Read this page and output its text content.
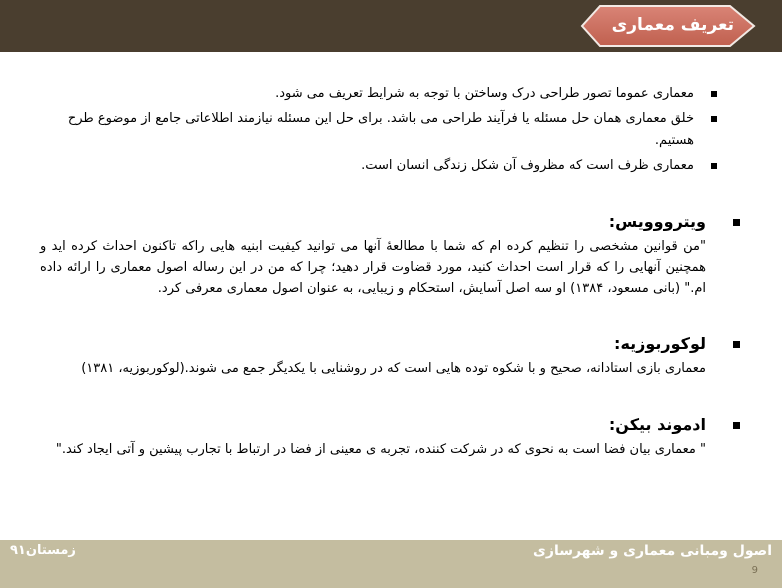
تعریف معماری
معماری عموما تصور طراحی درک وساختن با توجه به شرایط تعریف می شود.
خلق معماری همان حل مسئله یا فرآیند طراحی می باشد. برای حل این مسئله نیازمند اطلاعاتی جامع از موضوع طرح هستیم.
معماری ظرف است که مظروف آن شکل زندگی انسان است.
ویترووویس:
"من قوانین مشخصی را تنظیم کرده ام که شما با مطالعهٔ آنها می توانید کیفیت ابنیه هایی راکه تاکنون احداث کرده اید و همچنین آنهایی را که قرار است احداث کنید، مورد قضاوت قرار دهید؛ چرا که من در این رساله اصول معماری را ارائه داده ام." (بانی مسعود، ۱۳۸۴) او سه اصل آسایش، استحکام و زیبایی، به عنوان اصول معماری معرفی کرد.
لوکوربوزیه:
معماری بازی استادانه، صحیح و با شکوه توده هایی است که در روشنایی با یکدیگر جمع می شوند.(لوکوربوزیه، ۱۳۸۱)
ادموند بیکن:
" معماری بیان فضا است به نحوی که در شرکت کننده، تجربه ی معینی از فضا در ارتباط با تجارب پیشین و آتی ایجاد کند."
اصول ومبانی معماری و شهرسازی
زمستان۹۱
9
